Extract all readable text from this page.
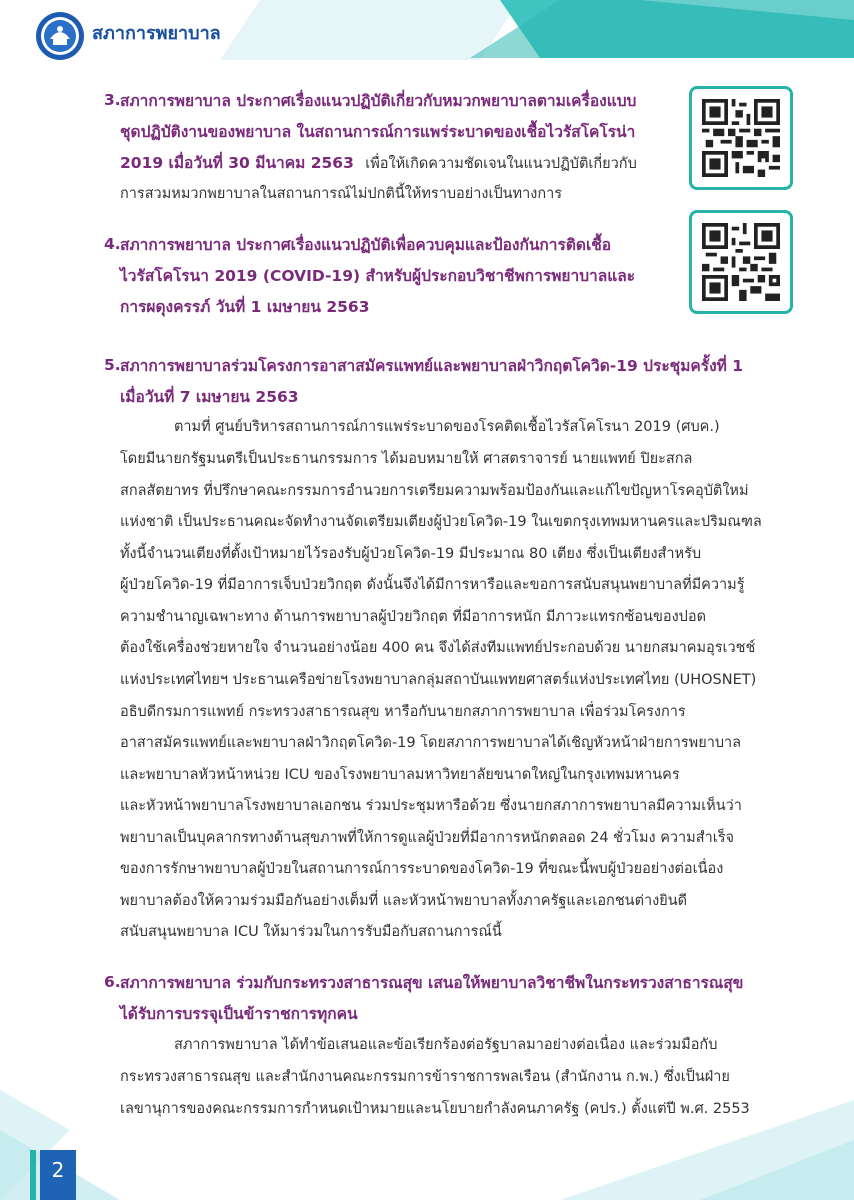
สภาการพยาบาล
3. สภาการพยาบาล ประกาศเรื่องแนวปฏิบัติเกี่ยวกับหมวกพยาบาลตามเครื่องแบบ
ชุดปฏิบัติงานของพยาบาล ในสถานการณ์การแพร่ระบาดของเชื้อไวรัสโคโรน่า
2019 เมื่อวันที่ 30 มีนาคม 2563 เพื่อให้เกิดความชัดเจนในแนวปฏิบัติเกี่ยวกับ
การสวมหมวกพยาบาลในสถานการณ์ไม่ปกตินี้ให้ทราบอย่างเป็นทางการ
4. สภาการพยาบาล ประกาศเรื่องแนวปฏิบัติเพื่อควบคุมและป้องกันการติดเชื้อ
ไวรัสโคโรนา 2019 (COVID-19) สำหรับผู้ประกอบวิชาชีพการพยาบาลและ
การผดุงครรภ์ วันที่ 1 เมษายน 2563
5. สภาการพยาบาลร่วมโครงการอาสาสมัครแพทย์และพยาบาลฝ่าวิกฤตโควิด-19 ประชุมครั้งที่ 1
เมื่อวันที่ 7 เมษายน 2563
ตามที่ ศูนย์บริหารสถานการณ์การแพร่ระบาดของโรคติดเชื้อไวรัสโคโรนา 2019 (ศบค.)
โดยมีนายกรัฐมนตรีเป็นประธานกรรมการ ได้มอบหมายให้ ศาสตราจารย์ นายแพทย์ ปิยะสกล
สกลสัตยาทร ที่ปรึกษาคณะกรรมการอำนวยการเตรียมความพร้อมป้องกันและแก้ไขปัญหาโรคอุบัติใหม่
แห่งชาติ เป็นประธานคณะจัดทำงานจัดเตรียมเตียงผู้ป่วยโควิด-19 ในเขตกรุงเทพมหานครและปริมณฑล
ทั้งนี้จำนวนเตียงที่ตั้งเป้าหมายไว้รองรับผู้ป่วยโควิด-19 มีประมาณ 80 เตียง ซึ่งเป็นเตียงสำหรับ
ผู้ป่วยโควิด-19 ที่มีอาการเจ็บป่วยวิกฤต ดังนั้นจึงได้มีการหารือและขอการสนับสนุนพยาบาลที่มีความรู้
ความชำนาญเฉพาะทาง ด้านการพยาบาลผู้ป่วยวิกฤต ที่มีอาการหนัก มีภาวะแทรกซ้อนของปอด
ต้องใช้เครื่องช่วยหายใจ จำนวนอย่างน้อย 400 คน จึงได้ส่งทีมแพทย์ประกอบด้วย นายกสมาคมอุรเวชช์
แห่งประเทศไทยฯ ประธานเครือข่ายโรงพยาบาลกลุ่มสถาบันแพทยศาสตร์แห่งประเทศไทย (UHOSNET)
อธิบดีกรมการแพทย์ กระทรวงสาธารณสุข หารือกับนายกสภาการพยาบาล เพื่อร่วมโครงการ
อาสาสมัครแพทย์และพยาบาลฝ่าวิกฤตโควิด-19 โดยสภาการพยาบาลได้เชิญหัวหน้าฝ่ายการพยาบาล
และพยาบาลหัวหน้าหน่วย ICU ของโรงพยาบาลมหาวิทยาลัยขนาดใหญ่ในกรุงเทพมหานคร
และหัวหน้าพยาบาลโรงพยาบาลเอกชน ร่วมประชุมหารือด้วย ซึ่งนายกสภาการพยาบาลมีความเห็นว่า
พยาบาลเป็นบุคลากรทางด้านสุขภาพที่ให้การดูแลผู้ป่วยที่มีอาการหนักตลอด 24 ชั่วโมง ความสำเร็จ
ของการรักษาพยาบาลผู้ป่วยในสถานการณ์การระบาดของโควิด-19 ที่ขณะนี้พบผู้ป่วยอย่างต่อเนื่อง
พยาบาลต้องให้ความร่วมมือกันอย่างเต็มที่ และหัวหน้าพยาบาลทั้งภาครัฐและเอกชนต่างยินดี
สนับสนุนพยาบาล ICU ให้มาร่วมในการรับมือกับสถานการณ์นี้
6. สภาการพยาบาล ร่วมกับกระทรวงสาธารณสุข เสนอให้พยาบาลวิชาชีพในกระทรวงสาธารณสุข
ได้รับการบรรจุเป็นข้าราชการทุกคน
สภาการพยาบาล ได้ทำข้อเสนอและข้อเรียกร้องต่อรัฐบาลมาอย่างต่อเนื่อง และร่วมมือกับ
กระทรวงสาธารณสุข และสำนักงานคณะกรรมการข้าราชการพลเรือน (สำนักงาน ก.พ.) ซึ่งเป็นฝ่าย
เลขานุการของคณะกรรมการกำหนดเป้าหมายและนโยบายกำลังคนภาครัฐ (คปร.) ตั้งแต่ปี พ.ศ. 2553
2
